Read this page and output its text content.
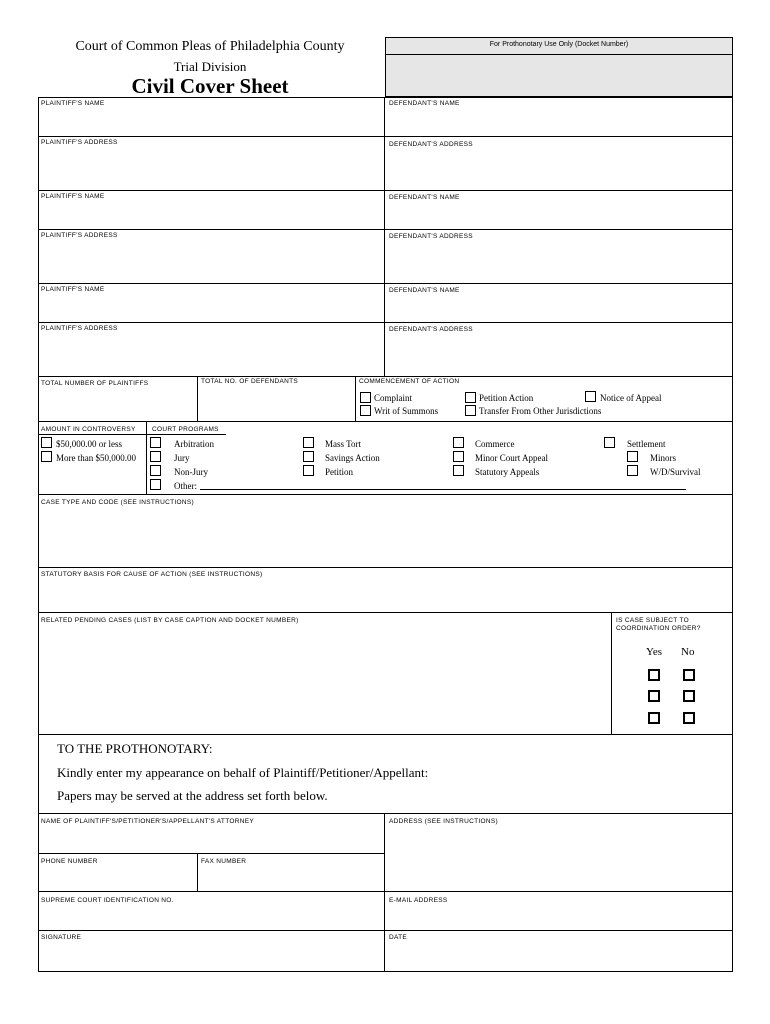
Court of Common Pleas of Philadelphia County
Trial Division
Civil Cover Sheet
For Prothonotary Use Only (Docket Number)
PLAINTIFF'S NAME	DEFENDANT'S NAME
PLAINTIFF'S ADDRESS	DEFENDANT'S ADDRESS
PLAINTIFF'S NAME	DEFENDANT'S NAME
PLAINTIFF'S ADDRESS	DEFENDANT'S ADDRESS
PLAINTIFF'S NAME	DEFENDANT'S NAME
PLAINTIFF'S ADDRESS	DEFENDANT'S ADDRESS
TOTAL NUMBER OF PLAINTIFFS	TOTAL NO. OF DEFENDANTS	COMMENCEMENT OF ACTION
Complaint
Writ of Summons
Petition Action
Transfer From Other Jurisdictions
Notice of Appeal
AMOUNT IN CONTROVERSY	COURT PROGRAMS
$50,000.00 or less
More than $50,000.00
Arbitration
Jury
Non-Jury
Other:
Mass Tort
Savings Action
Petition
Commerce
Minor Court Appeal
Statutory Appeals
Settlement
Minors
W/D/Survival
CASE TYPE AND CODE (SEE INSTRUCTIONS)
STATUTORY BASIS FOR CAUSE OF ACTION (SEE INSTRUCTIONS)
RELATED PENDING CASES (LIST BY CASE CAPTION AND DOCKET NUMBER)	IS CASE SUBJECT TO
COORDINATION ORDER?
Yes No
TO THE PROTHONOTARY:
Kindly enter my appearance on behalf of Plaintiff/Petitioner/Appellant:
Papers may be served at the address set forth below.
NAME OF PLAINTIFF'S/PETITIONER'S/APPELLANT'S ATTORNEY	ADDRESS (SEE INSTRUCTIONS)
PHONE NUMBER	FAX NUMBER
SUPREME COURT IDENTIFICATION NO.	E-MAIL ADDRESS
SIGNATURE	DATE
